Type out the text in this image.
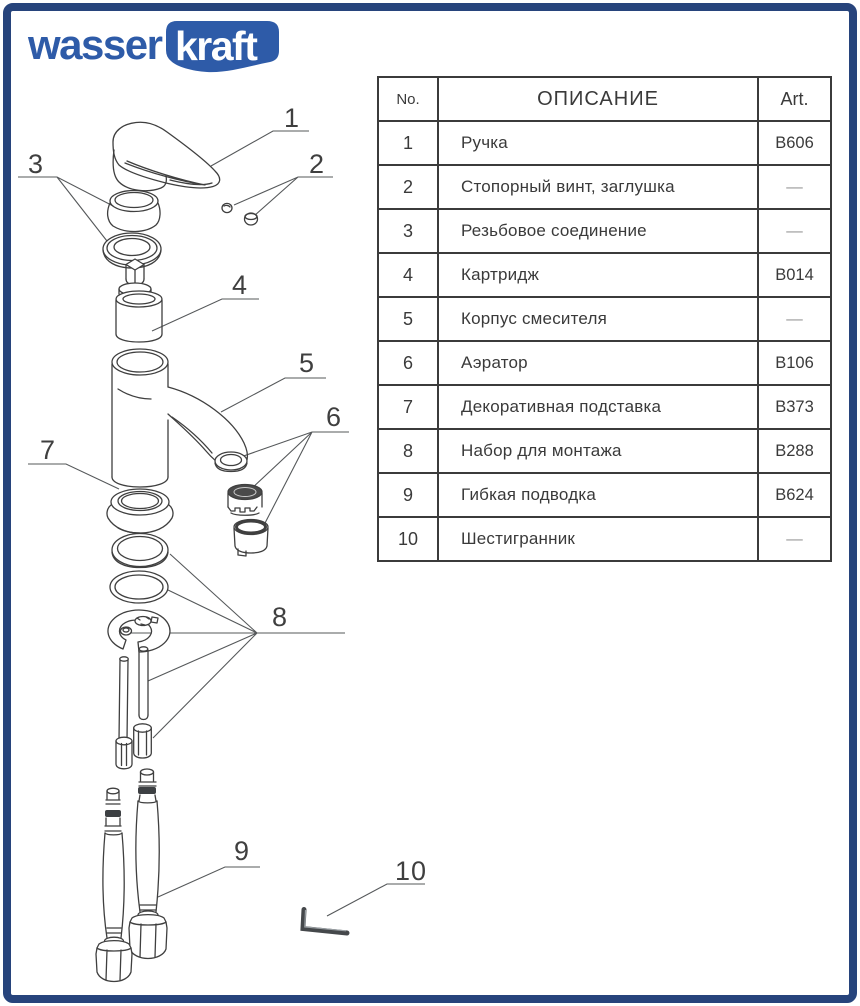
wasser kraft
1
2
3
4
5
6
7
8
9
10
No.	ОПИСАНИЕ	Art.
1	Ручка	B606
2	Стопорный винт, заглушка	—
3	Резьбовое соединение	—
4	Картридж	B014
5	Корпус смесителя	—
6	Аэратор	B106
7	Декоративная подставка	B373
8	Набор для монтажа	B288
9	Гибкая подводка	B624
10	Шестигранник	—
